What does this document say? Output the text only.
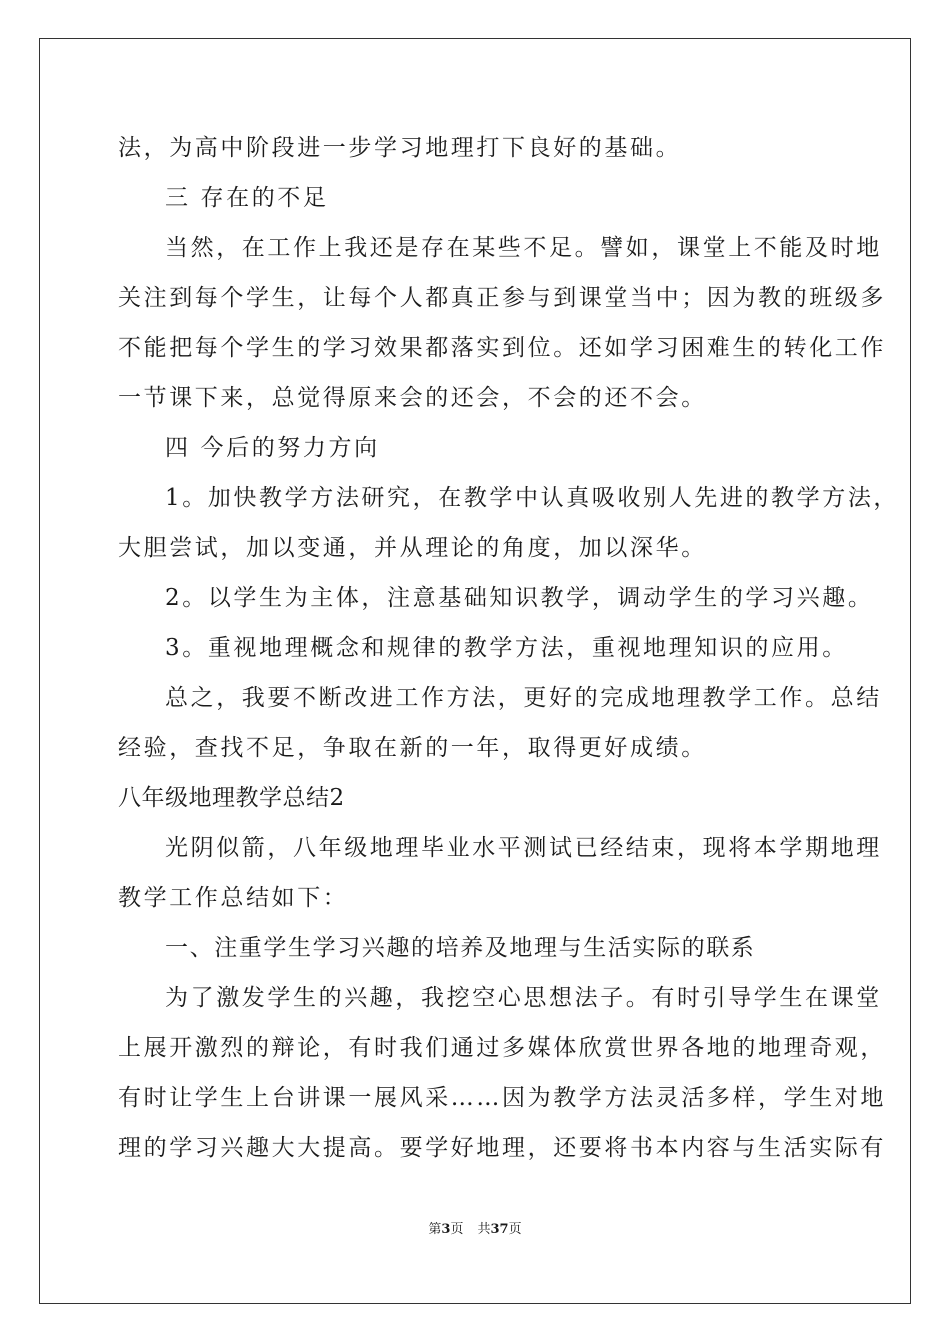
法，为高中阶段进一步学习地理打下良好的基础。
三 存在的不足
当然，在工作上我还是存在某些不足。譬如，课堂上不能及时地
关注到每个学生，让每个人都真正参与到课堂当中；因为教的班级多
不能把每个学生的学习效果都落实到位。还如学习困难生的转化工作
一节课下来，总觉得原来会的还会，不会的还不会。
四 今后的努力方向
1。加快教学方法研究，在教学中认真吸收别人先进的教学方法，
大胆尝试，加以变通，并从理论的角度，加以深华。
2。以学生为主体，注意基础知识教学，调动学生的学习兴趣。
3。重视地理概念和规律的教学方法，重视地理知识的应用。
总之，我要不断改进工作方法，更好的完成地理教学工作。总结
经验，查找不足，争取在新的一年，取得更好成绩。
八年级地理教学总结2
光阴似箭，八年级地理毕业水平测试已经结束，现将本学期地理
教学工作总结如下：
一、注重学生学习兴趣的培养及地理与生活实际的联系
为了激发学生的兴趣，我挖空心思想法子。有时引导学生在课堂
上展开激烈的辩论，有时我们通过多媒体欣赏世界各地的地理奇观，
有时让学生上台讲课一展风采……因为教学方法灵活多样，学生对地
理的学习兴趣大大提高。要学好地理，还要将书本内容与生活实际有
第3页 共37页
